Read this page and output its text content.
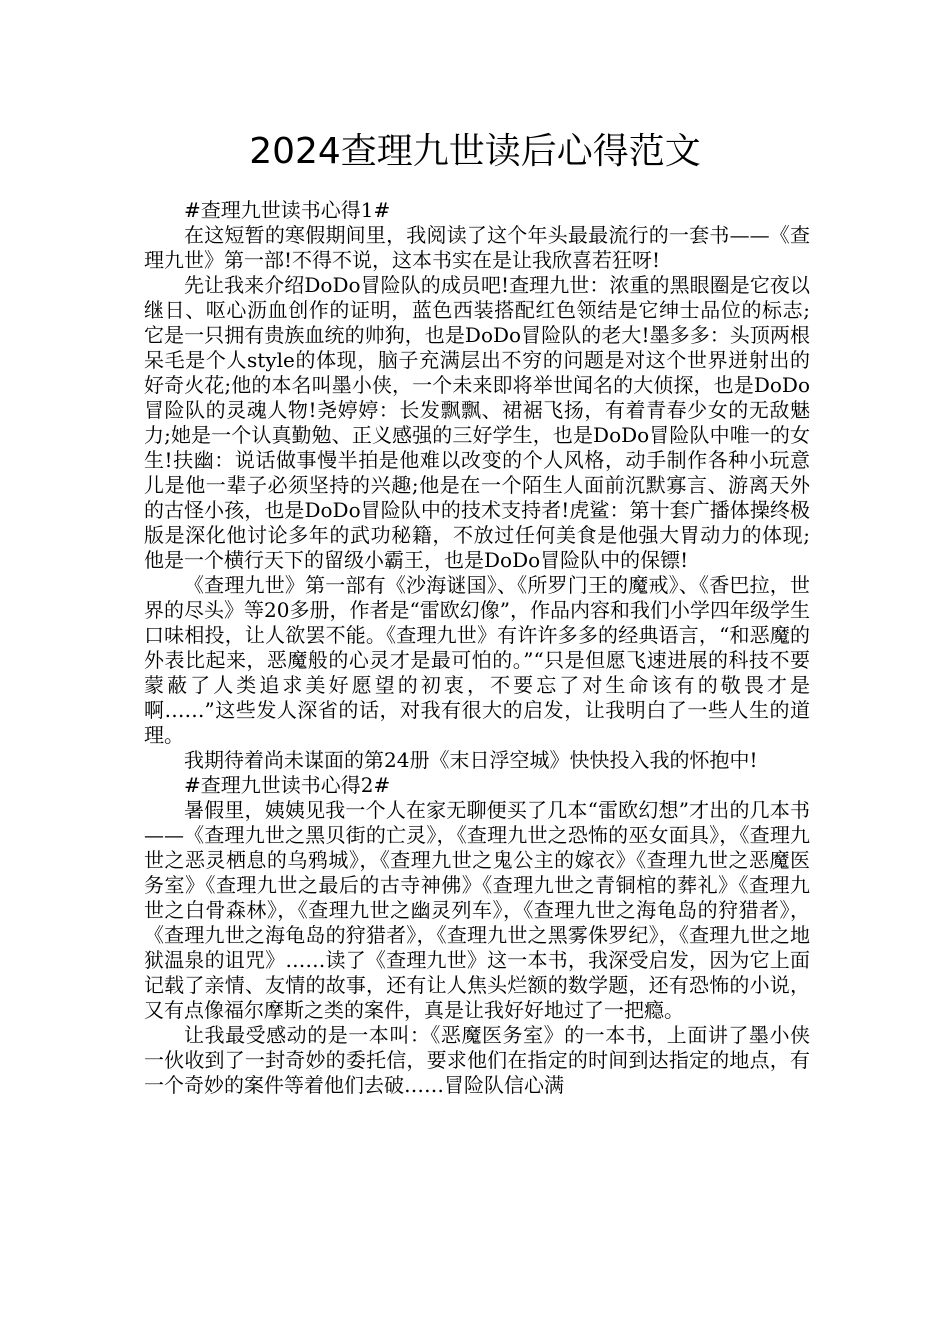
2024查理九世读后心得范文

#查理九世读书心得1#

在这短暂的寒假期间里，我阅读了这个年头最最流行的一套书——《查理九世》第一部!不得不说，这本书实在是让我欣喜若狂呀!

先让我来介绍DoDo冒险队的成员吧!查理九世：浓重的黑眼圈是它夜以继日、呕心沥血创作的证明，蓝色西装搭配红色领结是它绅士品位的标志;它是一只拥有贵族血统的帅狗，也是DoDo冒险队的老大!墨多多：头顶两根呆毛是个人style的体现，脑子充满层出不穷的问题是对这个世界迸射出的好奇火花;他的本名叫墨小侠，一个未来即将举世闻名的大侦探，也是DoDo冒险队的灵魂人物!尧婷婷：长发飘飘、裙裾飞扬，有着青春少女的无敌魅力;她是一个认真勤勉、正义感强的三好学生，也是DoDo冒险队中唯一的女生!扶幽：说话做事慢半拍是他难以改变的个人风格，动手制作各种小玩意儿是他一辈子必须坚持的兴趣;他是在一个陌生人面前沉默寡言、游离天外的古怪小孩，也是DoDo冒险队中的技术支持者!虎鲨：第十套广播体操终极版是深化他讨论多年的武功秘籍，不放过任何美食是他强大胃动力的体现;他是一个横行天下的留级小霸王，也是DoDo冒险队中的保镖!

《查理九世》第一部有《沙海谜国》、《所罗门王的魔戒》、《香巴拉，世界的尽头》等20多册，作者是“雷欧幻像”，作品内容和我们小学四年级学生口味相投，让人欲罢不能。《查理九世》有许许多多的经典语言，“和恶魔的外表比起来，恶魔般的心灵才是最可怕的。”“只是但愿飞速进展的科技不要蒙蔽了人类追求美好愿望的初衷，不要忘了对生命该有的敬畏才是啊……”这些发人深省的话，对我有很大的启发，让我明白了一些人生的道理。

我期待着尚未谋面的第24册《末日浮空城》快快投入我的怀抱中!

#查理九世读书心得2#

暑假里，姨姨见我一个人在家无聊便买了几本“雷欧幻想”才出的几本书——《查理九世之黑贝街的亡灵》，《查理九世之恐怖的巫女面具》，《查理九世之恶灵栖息的乌鸦城》，《查理九世之鬼公主的嫁衣》《查理九世之恶魔医务室》《查理九世之最后的古寺神佛》《查理九世之青铜棺的葬礼》《查理九世之白骨森林》，《查理九世之幽灵列车》，《查理九世之海龟岛的狩猎者》，《查理九世之海龟岛的狩猎者》，《查理九世之黑雾侏罗纪》，《查理九世之地狱温泉的诅咒》……读了《查理九世》这一本书，我深受启发，因为它上面记载了亲情、友情的故事，还有让人焦头烂额的数学题，还有恐怖的小说，又有点像福尔摩斯之类的案件，真是让我好好地过了一把瘾。

让我最受感动的是一本叫：《恶魔医务室》的一本书，上面讲了墨小侠一伙收到了一封奇妙的委托信，要求他们在指定的时间到达指定的地点，有一个奇妙的案件等着他们去破……冒险队信心满
